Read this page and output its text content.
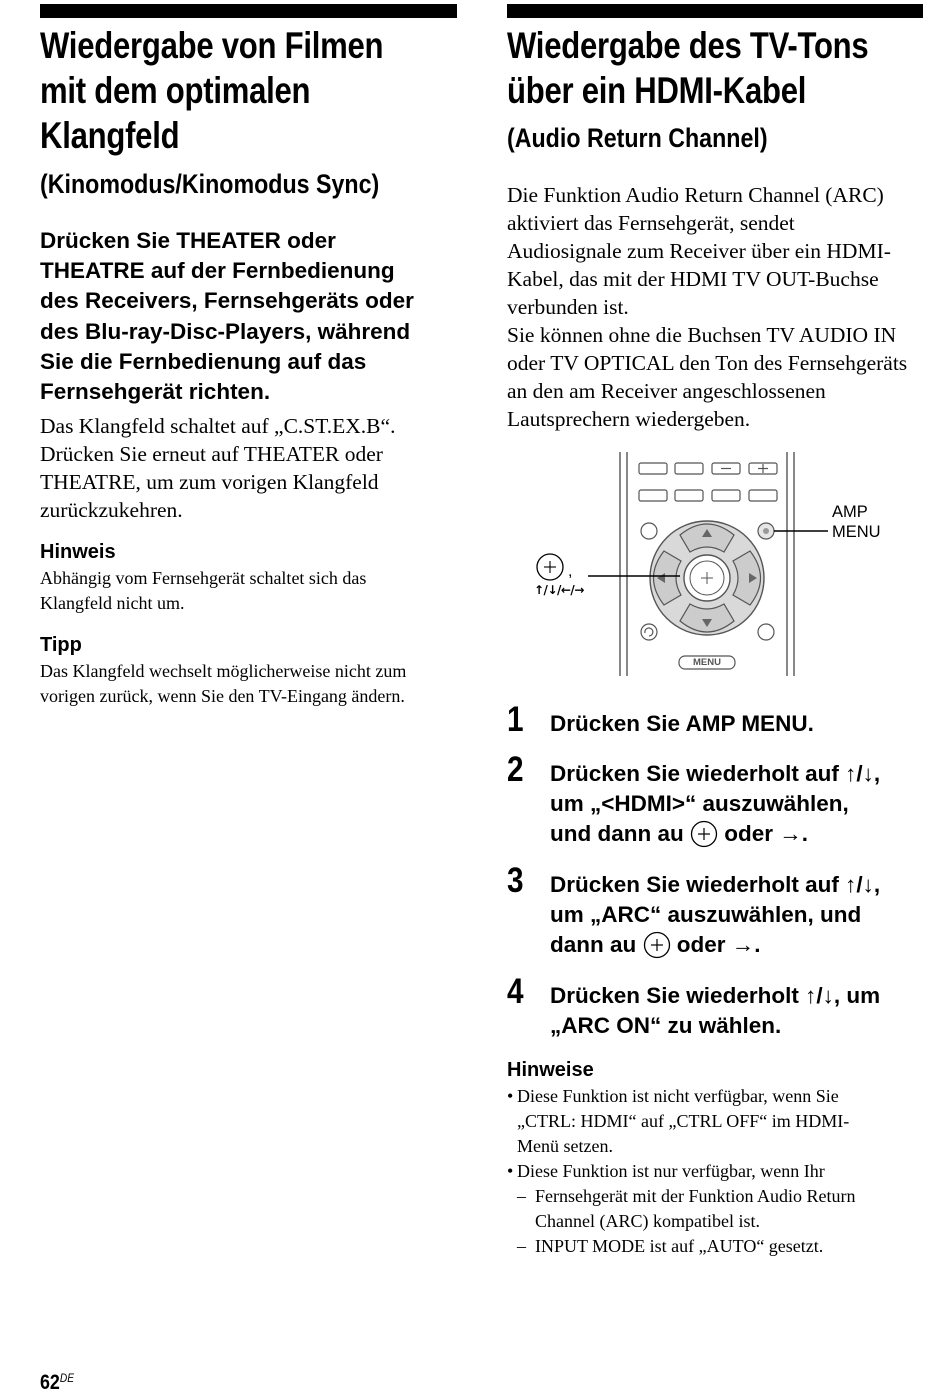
Wiedergabe von Filmen
mit dem optimalen
Klangfeld
(Kinomodus/Kinomodus Sync)

Drücken Sie THEATER oder
THEATRE auf der Fernbedienung
des Receivers, Fernsehgeräts oder
des Blu-ray-Disc-Players, während
Sie die Fernbedienung auf das
Fernsehgerät richten.

Das Klangfeld schaltet auf „C.ST.EX.B“.
Drücken Sie erneut auf THEATER oder
THEATRE, um zum vorigen Klangfeld
zurückzukehren.

Hinweis

Abhängig vom Fernsehgerät schaltet sich das
Klangfeld nicht um.

Tipp

Das Klangfeld wechselt möglicherweise nicht zum
vorigen zurück, wenn Sie den TV-Eingang ändern.

Wiedergabe des TV-Tons
über ein HDMI-Kabel
(Audio Return Channel)

Die Funktion Audio Return Channel (ARC)
aktiviert das Fernsehgerät, sendet
Audiosignale zum Receiver über ein HDMI-
Kabel, das mit der HDMI TV OUT-Buchse
verbunden ist.
Sie können ohne die Buchsen TV AUDIO IN
oder TV OPTICAL den Ton des Fernsehgeräts
an den am Receiver angeschlossenen
Lautsprechern wiedergeben.

1 Drücken Sie AMP MENU.
2 Drücken Sie wiederholt auf ↑/↓,
um „<HDMI>“ auszuwählen,
und dann au oder →.
3 Drücken Sie wiederholt auf ↑/↓,
um „ARC“ auszuwählen, und
dann au oder →.
4 Drücken Sie wiederholt ↑/↓, um
„ARC ON“ zu wählen.
Hinweise
• Diese Funktion ist nicht verfügbar, wenn Sie
„CTRL: HDMI“ auf „CTRL OFF“ im HDMI-
Menü setzen.
• Diese Funktion ist nur verfügbar, wenn Ihr
– Fernsehgerät mit der Funktion Audio Return
Channel (ARC) kompatibel ist.
– INPUT MODE ist auf „AUTO“ gesetzt.
,
↑/↓/←/→
MENU
AMP
MENU
62DE
